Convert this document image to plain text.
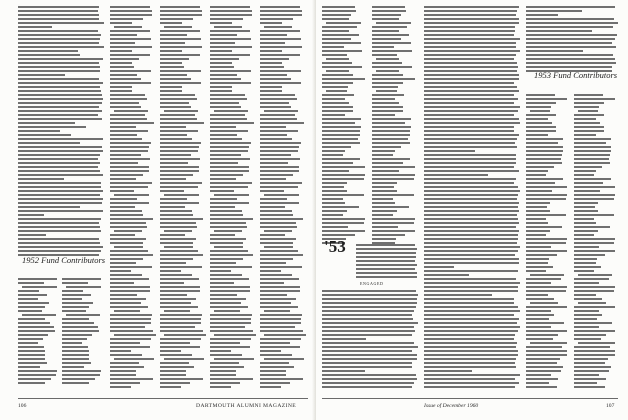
1952 Fund Contributors
106	DARTMOUTH ALUMNI MAGAZINE
'53
ENGAGED
1953 Fund Contributors
Issue of December 1960	107
